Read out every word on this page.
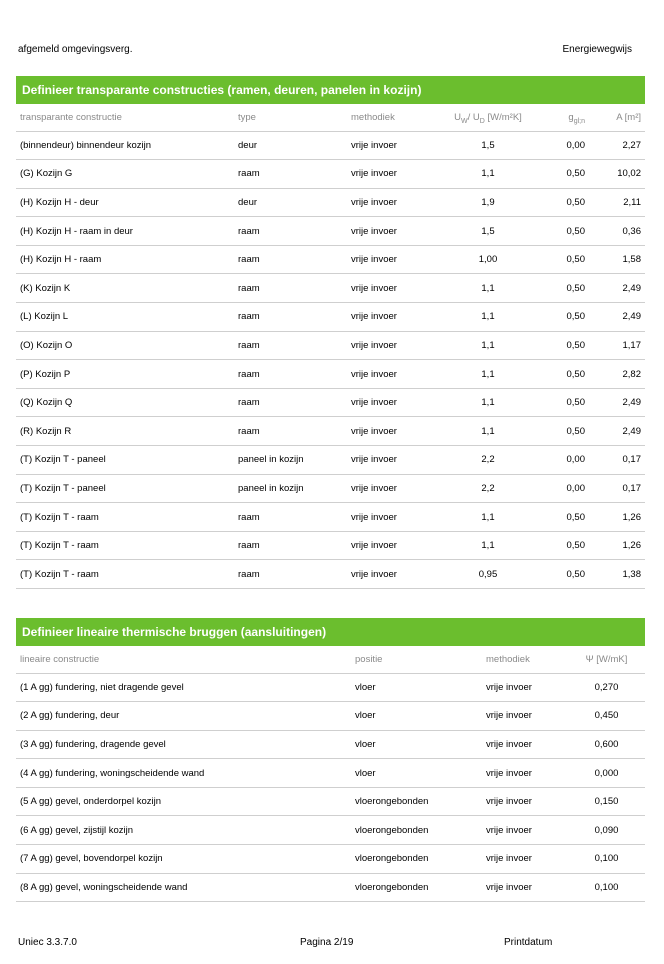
afgemeld omgevingsverg.	Energiewegwijs
Definieer transparante constructies (ramen, deuren, panelen in kozijn)
transparante constructie	type	methodiek	$U_W/$ $U_D$ [W/m²K]	$g_{gl;n}$	A [m²]
(binnendeur) binnendeur kozijn	deur	vrije invoer	1,5	0,00	2,27
(G) Kozijn G	raam	vrije invoer	1,1	0,50	10,02
(H) Kozijn H - deur	deur	vrije invoer	1,9	0,50	2,11
(H) Kozijn H - raam in deur	raam	vrije invoer	1,5	0,50	0,36
(H) Kozijn H - raam	raam	vrije invoer	1,00	0,50	1,58
(K) Kozijn K	raam	vrije invoer	1,1	0,50	2,49
(L) Kozijn L	raam	vrije invoer	1,1	0,50	2,49
(O) Kozijn O	raam	vrije invoer	1,1	0,50	1,17
(P) Kozijn P	raam	vrije invoer	1,1	0,50	2,82
(Q) Kozijn Q	raam	vrije invoer	1,1	0,50	2,49
(R) Kozijn R	raam	vrije invoer	1,1	0,50	2,49
(T) Kozijn T - paneel	paneel in kozijn	vrije invoer	2,2	0,00	0,17
(T) Kozijn T - paneel	paneel in kozijn	vrije invoer	2,2	0,00	0,17
(T) Kozijn T - raam	raam	vrije invoer	1,1	0,50	1,26
(T) Kozijn T - raam	raam	vrije invoer	1,1	0,50	1,26
(T) Kozijn T - raam	raam	vrije invoer	0,95	0,50	1,38
Definieer lineaire thermische bruggen (aansluitingen)
lineaire constructie	positie	methodiek	Ψ [W/mK]
(1 A gg) fundering, niet dragende gevel	vloer	vrije invoer	0,270
(2 A gg) fundering, deur	vloer	vrije invoer	0,450
(3 A gg) fundering, dragende gevel	vloer	vrije invoer	0,600
(4 A gg) fundering, woningscheidende wand	vloer	vrije invoer	0,000
(5 A gg) gevel, onderdorpel kozijn	vloerongebonden	vrije invoer	0,150
(6 A gg) gevel, zijstijl kozijn	vloerongebonden	vrije invoer	0,090
(7 A gg) gevel, bovendorpel kozijn	vloerongebonden	vrije invoer	0,100
(8 A gg) gevel, woningscheidende wand	vloerongebonden	vrije invoer	0,100
Uniec 3.3.7.0	Pagina 2/19	Printdatum
